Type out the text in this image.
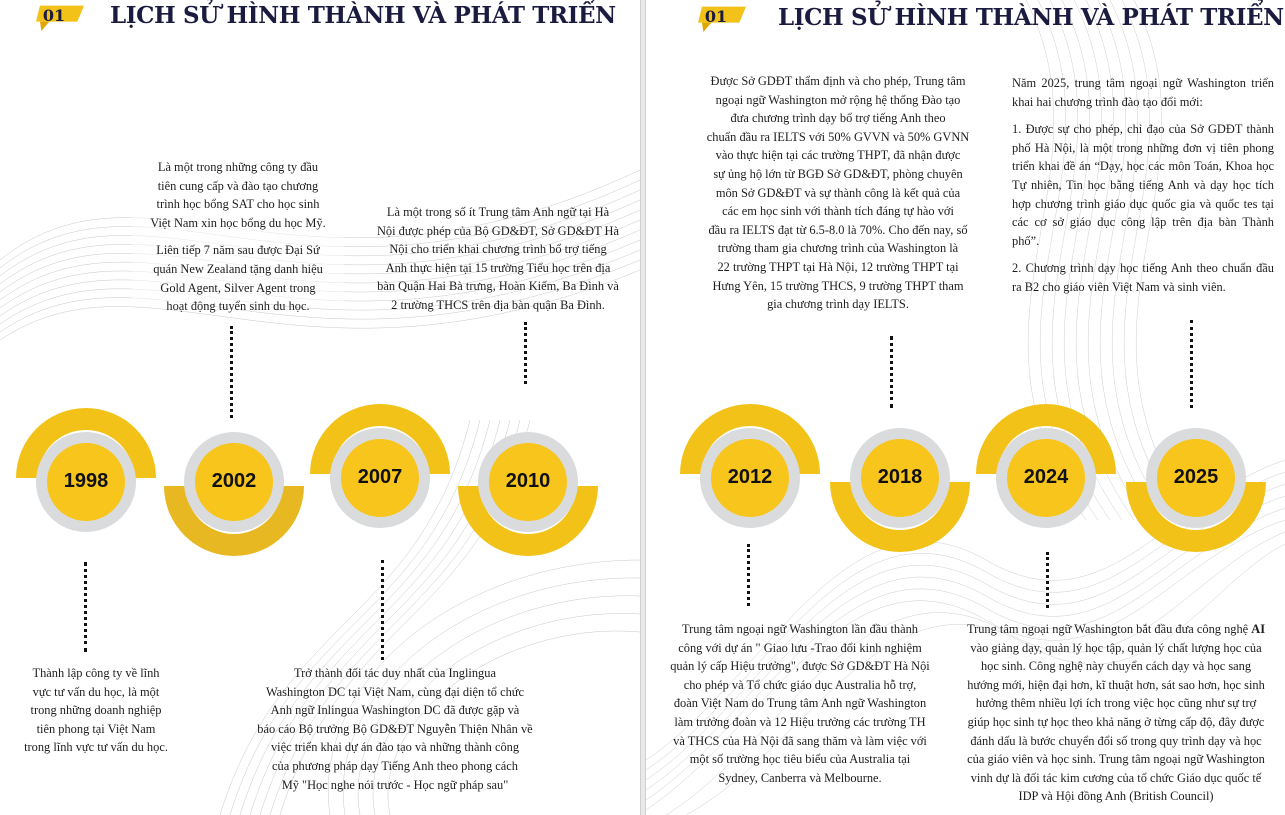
01	LỊCH SỬ HÌNH THÀNH VÀ PHÁT TRIỂN

Là một trong những công ty đầu

tiên cung cấp và đào tạo chương

trình học bổng SAT cho học sinh

Việt Nam xin học bổng du học Mỹ.

Liên tiếp 7 năm sau được Đại Sứ

quán New Zealand tặng danh hiệu

Gold Agent, Silver Agent trong

hoạt động tuyển sinh du học.

Là một trong số ít Trung tâm Anh ngữ tại Hà

Nội được phép của Bộ GD&ĐT, Sở GD&ĐT Hà

Nội cho triển khai chương trình bổ trợ tiếng

Anh thực hiện tại 15 trường Tiểu học trên địa

bàn Quận Hai Bà trưng, Hoàn Kiếm, Ba Đình và

2 trường THCS trên địa bàn quận Ba Đình.

1998	2002	2007	2010

Thành lập công ty về lĩnh

vực tư vấn du học, là một

trong những doanh nghiệp

tiên phong tại Việt Nam

trong lĩnh vực tư vấn du học.

Trở thành đối tác duy nhất của Inglingua

Washington DC tại Việt Nam, cùng đại diện tổ chức

Anh ngữ Inlingua Washington DC đã được gặp và

báo cáo Bộ trưởng Bộ GD&ĐT Nguyễn Thiện Nhân về

việc triển khai dự án đào tạo và những thành công

của phương pháp dạy Tiếng Anh theo phong cách

Mỹ "Học nghe nói trước - Học ngữ pháp sau"

01	LỊCH SỬ HÌNH THÀNH VÀ PHÁT TRIỂN

Được Sở GDĐT thẩm định và cho phép, Trung tâm

ngoại ngữ Washington mở rộng hệ thống Đào tạo

đưa chương trình dạy bổ trợ tiếng Anh theo

chuẩn đầu ra IELTS với 50% GVVN và 50% GVNN

vào thực hiện tại các trường THPT, đã nhận được

sự ủng hộ lớn từ BGĐ Sở GD&ĐT, phòng chuyên

môn Sở GD&ĐT và sự thành công là kết quả của

các em học sinh với thành tích đáng tự hào với

đầu ra IELTS đạt từ 6.5-8.0 là 70%. Cho đến nay, số

trường tham gia chương trình của Washington là

22 trường THPT tại Hà Nội, 12 trường THPT tại

Hưng Yên, 15 trường THCS, 9 trường THPT tham

gia chương trình dạy IELTS.

Năm 2025, trung tâm ngoại ngữ Washington triển khai hai chương trình đào tạo đổi mới:

1. Được sự cho phép, chỉ đạo của Sở GDĐT thành phố Hà Nội, là một trong những đơn vị tiên phong triển khai đề án “Dạy, học các môn Toán, Khoa học Tự nhiên, Tin học bằng tiếng Anh và dạy học tích hợp chương trình giáo dục quốc gia và quốc tes tại các cơ sở giáo dục công lập trên địa bàn Thành phố”.

2. Chương trình dạy học tiếng Anh theo chuẩn đầu ra B2 cho giáo viên Việt Nam và sinh viên.

2012	2018	2024	2025

Trung tâm ngoại ngữ Washington lần đầu thành

công với dự án " Giao lưu -Trao đổi kinh nghiệm

quản lý cấp Hiệu trưởng", được Sở GD&ĐT Hà Nội

cho phép và Tổ chức giáo dục Australia hỗ trợ,

đoàn Việt Nam do Trung tâm Anh ngữ Washington

làm trưởng đoàn và 12 Hiệu trưởng các trường TH

và THCS của Hà Nội đã sang thăm và làm việc với

một số trường học tiêu biểu của Australia tại

Sydney, Canberra và Melbourne.

Trung tâm ngoại ngữ Washington bắt đầu đưa công nghệ AI vào giảng dạy, quản lý học tập, quản lý chất lượng học của học sinh. Công nghệ này chuyển cách dạy và học sang hướng mới, hiện đại hơn, kĩ thuật hơn, sát sao hơn, học sinh hưởng thêm nhiều lợi ích trong việc học cũng như sự trợ giúp học sinh tự học theo khả năng ở từng cấp độ, đây được đánh dấu là bước chuyển đổi số trong quy trình dạy và học của giáo viên và học sinh. Trung tâm ngoại ngữ Washington vinh dự là đối tác kim cương của tổ chức Giáo dục quốc tế IDP và Hội đồng Anh (British Council)
